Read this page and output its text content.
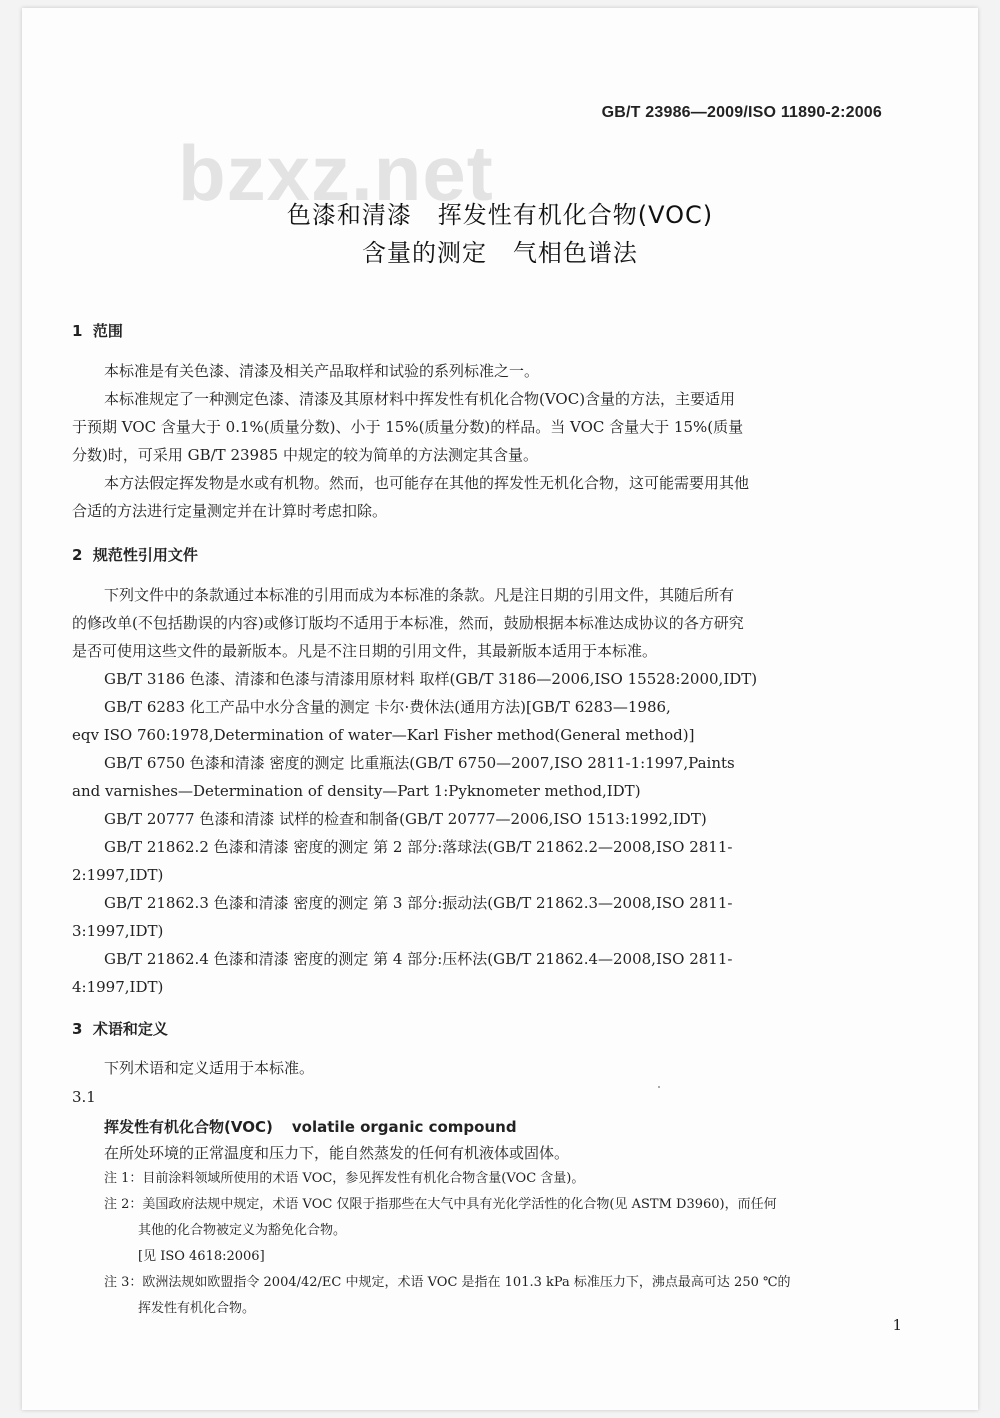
bzxz.net
GB/T 23986—2009/ISO 11890-2:2006
色漆和清漆   挥发性有机化合物(VOC)
含量的测定   气相色谱法
1  范围
本标准是有关色漆、清漆及相关产品取样和试验的系列标准之一。
本标准规定了一种测定色漆、清漆及其原材料中挥发性有机化合物(VOC)含量的方法，主要适用
于预期 VOC 含量大于 0.1%(质量分数)、小于 15%(质量分数)的样品。当 VOC 含量大于 15%(质量
分数)时，可采用 GB/T 23985 中规定的较为简单的方法测定其含量。
本方法假定挥发物是水或有机物。然而，也可能存在其他的挥发性无机化合物，这可能需要用其他
合适的方法进行定量测定并在计算时考虑扣除。
2  规范性引用文件
下列文件中的条款通过本标准的引用而成为本标准的条款。凡是注日期的引用文件，其随后所有
的修改单(不包括勘误的内容)或修订版均不适用于本标准，然而，鼓励根据本标准达成协议的各方研究
是否可使用这些文件的最新版本。凡是不注日期的引用文件，其最新版本适用于本标准。
GB/T 3186 色漆、清漆和色漆与清漆用原材料 取样(GB/T 3186—2006,ISO 15528:2000,IDT)
GB/T 6283 化工产品中水分含量的测定 卡尔·费休法(通用方法)[GB/T 6283—1986,
eqv ISO 760:1978,Determination of water—Karl Fisher method(General method)]
GB/T 6750 色漆和清漆 密度的测定 比重瓶法(GB/T 6750—2007,ISO 2811-1:1997,Paints
and varnishes—Determination of density—Part 1:Pyknometer method,IDT)
GB/T 20777 色漆和清漆 试样的检查和制备(GB/T 20777—2006,ISO 1513:1992,IDT)
GB/T 21862.2 色漆和清漆 密度的测定 第 2 部分:落球法(GB/T 21862.2—2008,ISO 2811-
2:1997,IDT)
GB/T 21862.3 色漆和清漆 密度的测定 第 3 部分:振动法(GB/T 21862.3—2008,ISO 2811-
3:1997,IDT)
GB/T 21862.4 色漆和清漆 密度的测定 第 4 部分:压杯法(GB/T 21862.4—2008,ISO 2811-
4:1997,IDT)
3  术语和定义
下列术语和定义适用于本标准。
3.1
挥发性有机化合物(VOC) volatile organic compound
在所处环境的正常温度和压力下，能自然蒸发的任何有机液体或固体。
注 1：目前涂料领域所使用的术语 VOC，参见挥发性有机化合物含量(VOC 含量)。
注 2：美国政府法规中规定，术语 VOC 仅限于指那些在大气中具有光化学活性的化合物(见 ASTM D3960)，而任何
其他的化合物被定义为豁免化合物。
[见 ISO 4618:2006]
注 3：欧洲法规如欧盟指令 2004/42/EC 中规定，术语 VOC 是指在 101.3 kPa 标准压力下，沸点最高可达 250 ℃的
挥发性有机化合物。
1
